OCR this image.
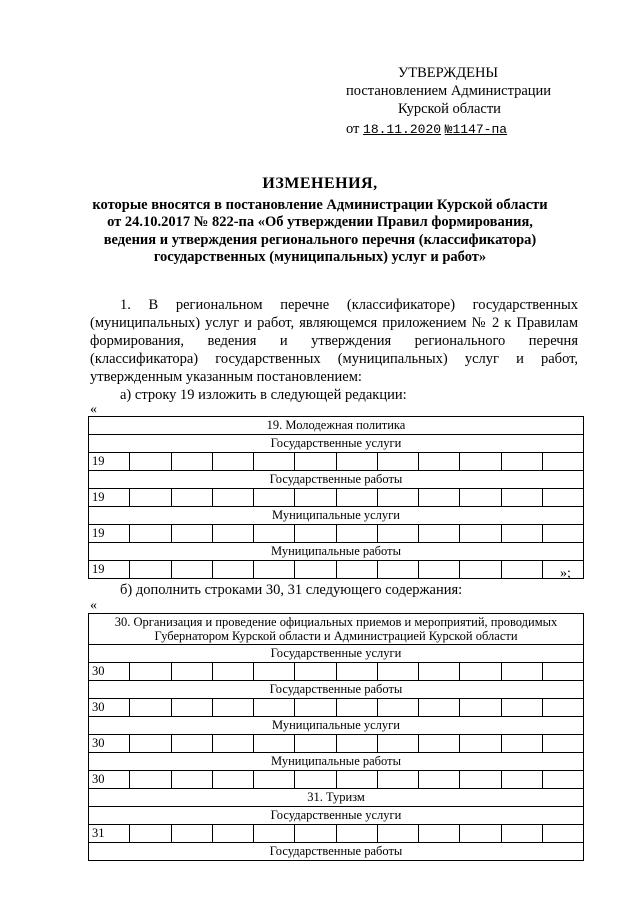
УТВЕРЖДЕНЫ
постановлением Администрации
Курской области
от 18.11.2020 №1147-па
ИЗМЕНЕНИЯ,
которые вносятся в постановление Администрации Курской области
от 24.10.2017 № 822-па «Об утверждении Правил формирования,
ведения и утверждения регионального перечня (классификатора)
государственных (муниципальных) услуг и работ»
1. В региональном перечне (классификаторе) государственных (муниципальных) услуг и работ, являющемся приложением № 2 к Правилам формирования, ведения и утверждения регионального перечня (классификатора) государственных (муниципальных) услуг и работ, утвержденным указанным постановлением:
а) строку 19 изложить в следующей редакции:
«
19. Молодежная политика											
Государственные услуги											
19											
Государственные работы											
19											
Муниципальные услуги											
19											
Муниципальные работы											
19												»;
б) дополнить строками 30, 31 следующего содержания:
«
30. Организация и проведение официальных приемов и мероприятий, проводимых Губернатором Курской области и Администрацией Курской области											
Государственные услуги											
30											
Государственные работы											
30											
Муниципальные услуги											
30											
Муниципальные работы											
30											
31. Туризм											
Государственные услуги											
31											
Государственные работы											
